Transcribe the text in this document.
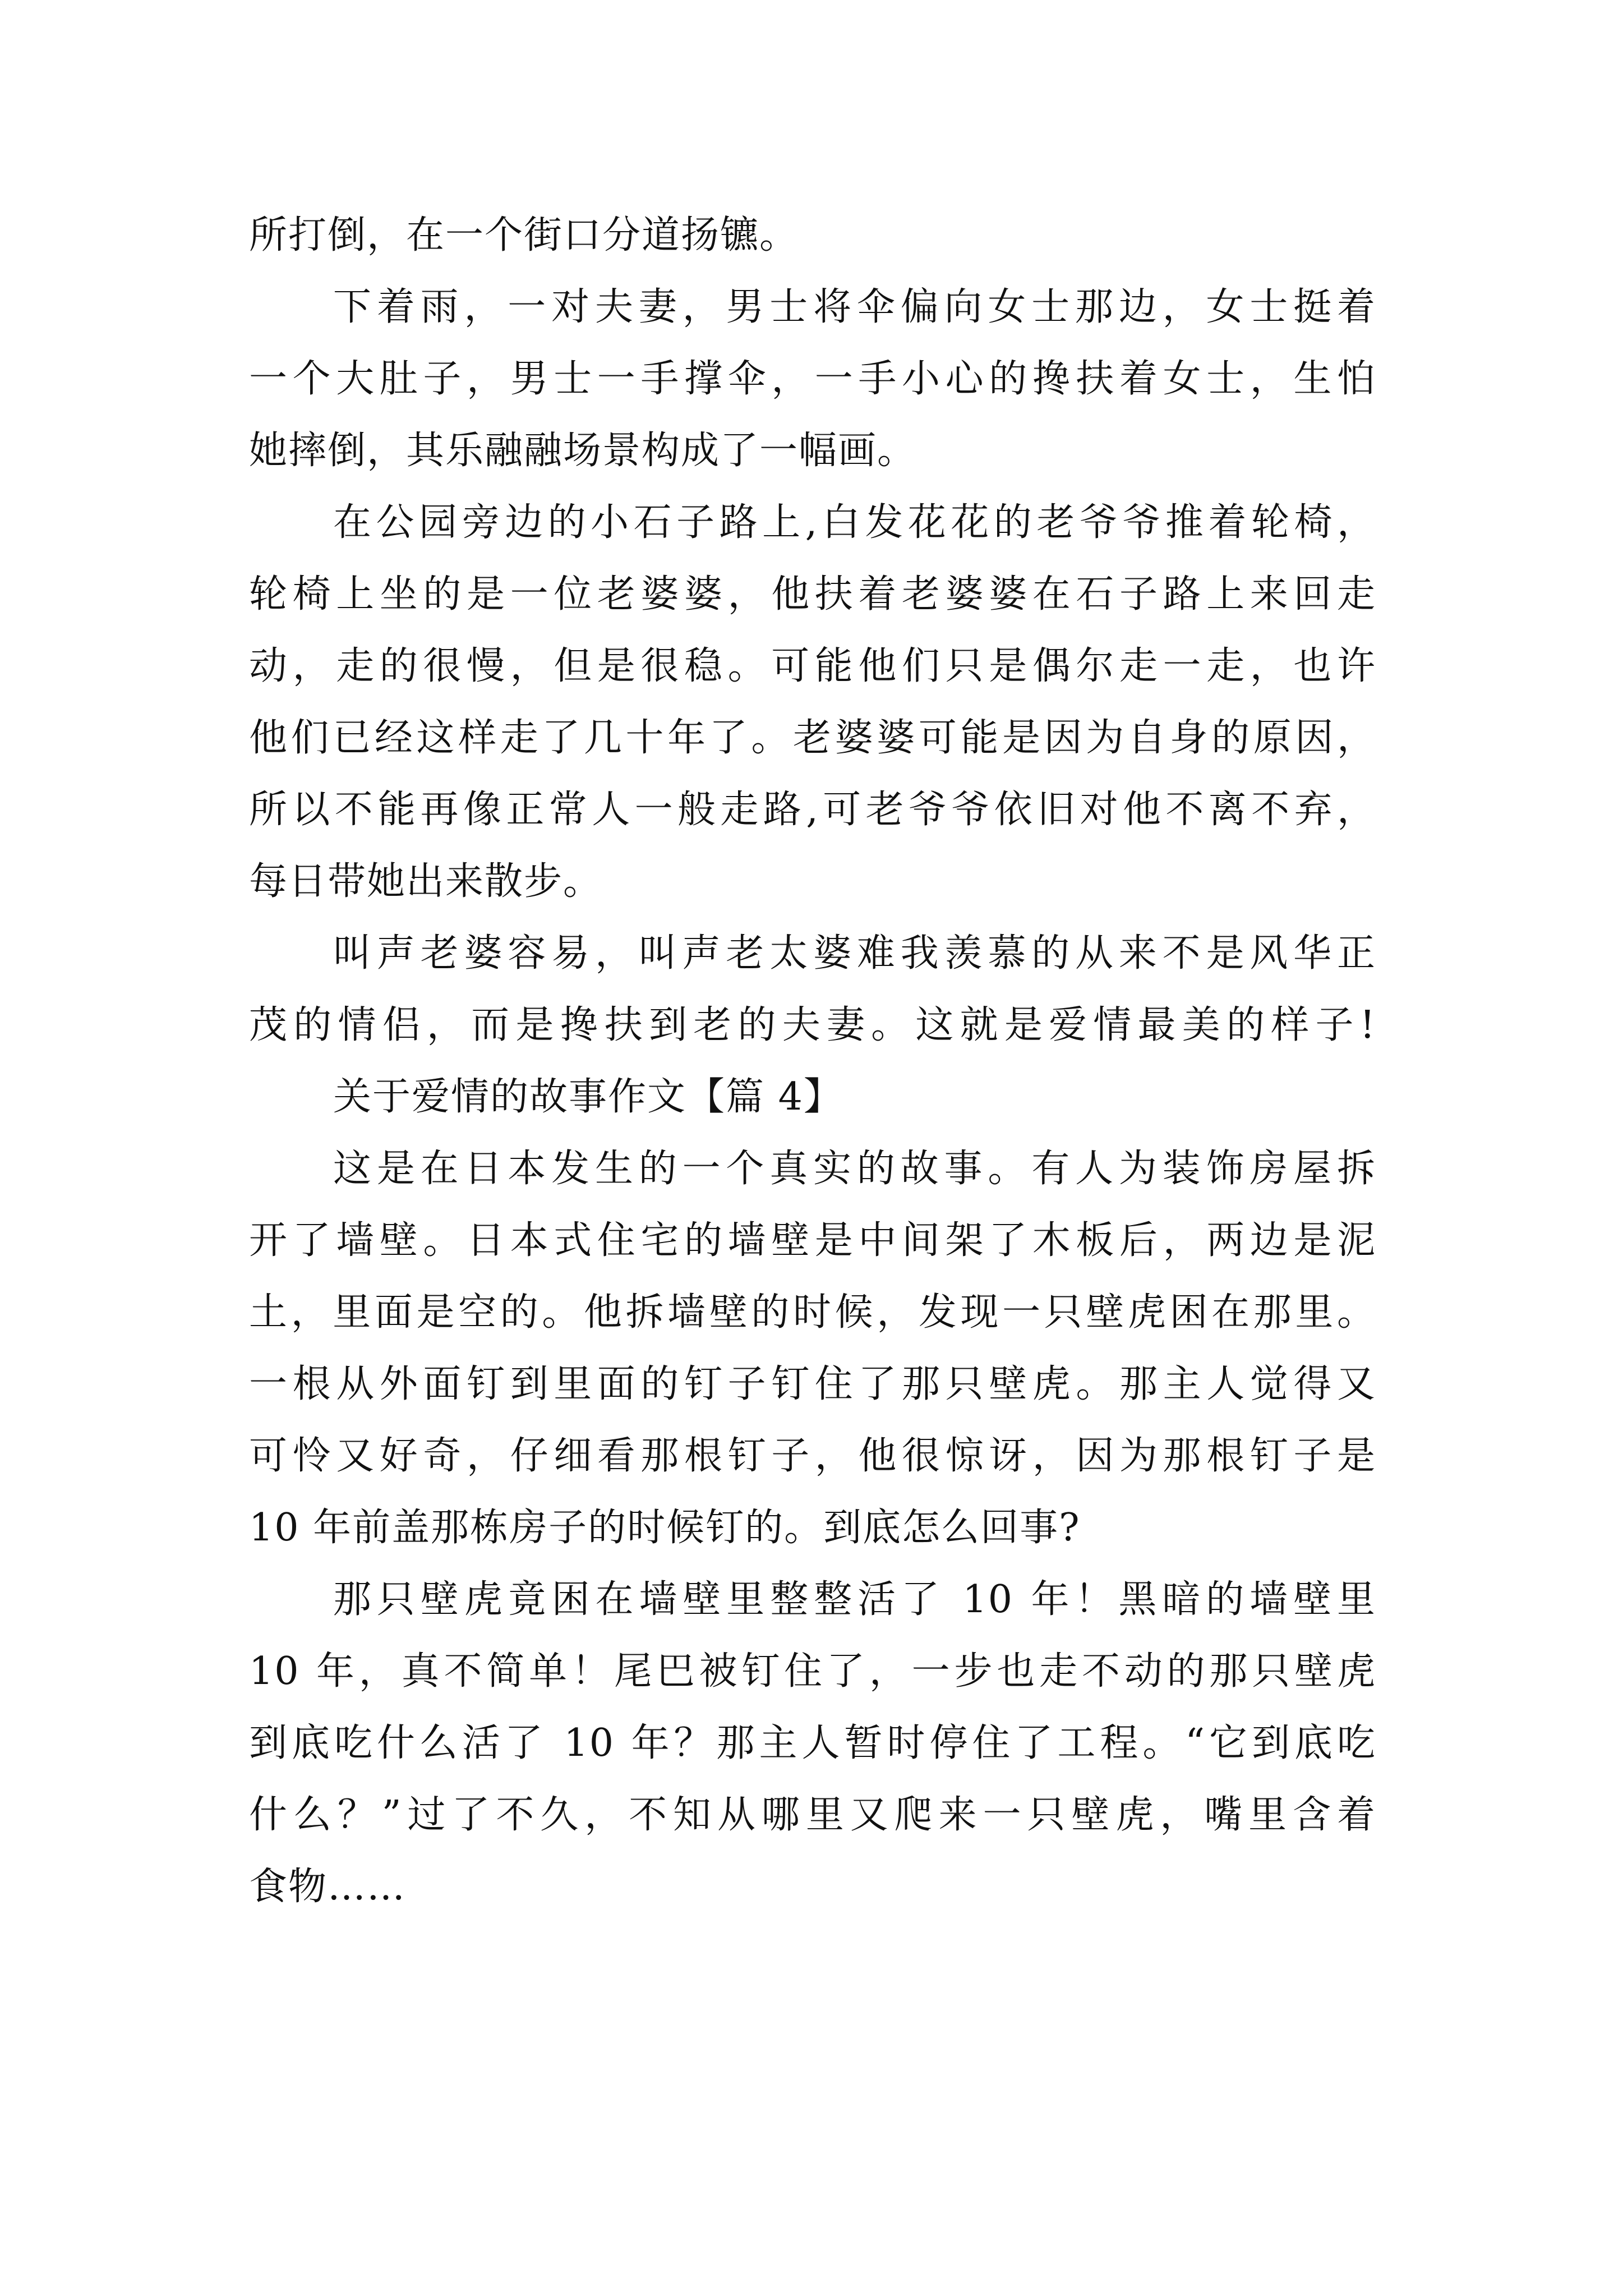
所打倒，在一个街口分道扬镳。
下着雨，一对夫妻，男士将伞偏向女士那边，女士挺着
一个大肚子，男士一手撑伞，一手小心的搀扶着女士，生怕
她摔倒，其乐融融场景构成了一幅画。
在公园旁边的小石子路上,白发花花的老爷爷推着轮椅，
轮椅上坐的是一位老婆婆，他扶着老婆婆在石子路上来回走
动，走的很慢，但是很稳。可能他们只是偶尔走一走，也许
他们已经这样走了几十年了。老婆婆可能是因为自身的原因，
所以不能再像正常人一般走路,可老爷爷依旧对他不离不弃，
每日带她出来散步。
叫声老婆容易，叫声老太婆难我羡慕的从来不是风华正
茂的情侣，而是搀扶到老的夫妻。这就是爱情最美的样子!
关于爱情的故事作文【篇 4】
这是在日本发生的一个真实的故事。有人为装饰房屋拆
开了墙壁。日本式住宅的墙壁是中间架了木板后，两边是泥
土，里面是空的。他拆墙壁的时候，发现一只壁虎困在那里。
一根从外面钉到里面的钉子钉住了那只壁虎。那主人觉得又
可怜又好奇，仔细看那根钉子，他很惊讶，因为那根钉子是
10 年前盖那栋房子的时候钉的。到底怎么回事?
那只壁虎竟困在墙壁里整整活了 10 年！黑暗的墙壁里
10 年，真不简单！尾巴被钉住了，一步也走不动的那只壁虎
到底吃什么活了 10 年？那主人暂时停住了工程。“它到底吃
什么？”过了不久，不知从哪里又爬来一只壁虎，嘴里含着
食物……
